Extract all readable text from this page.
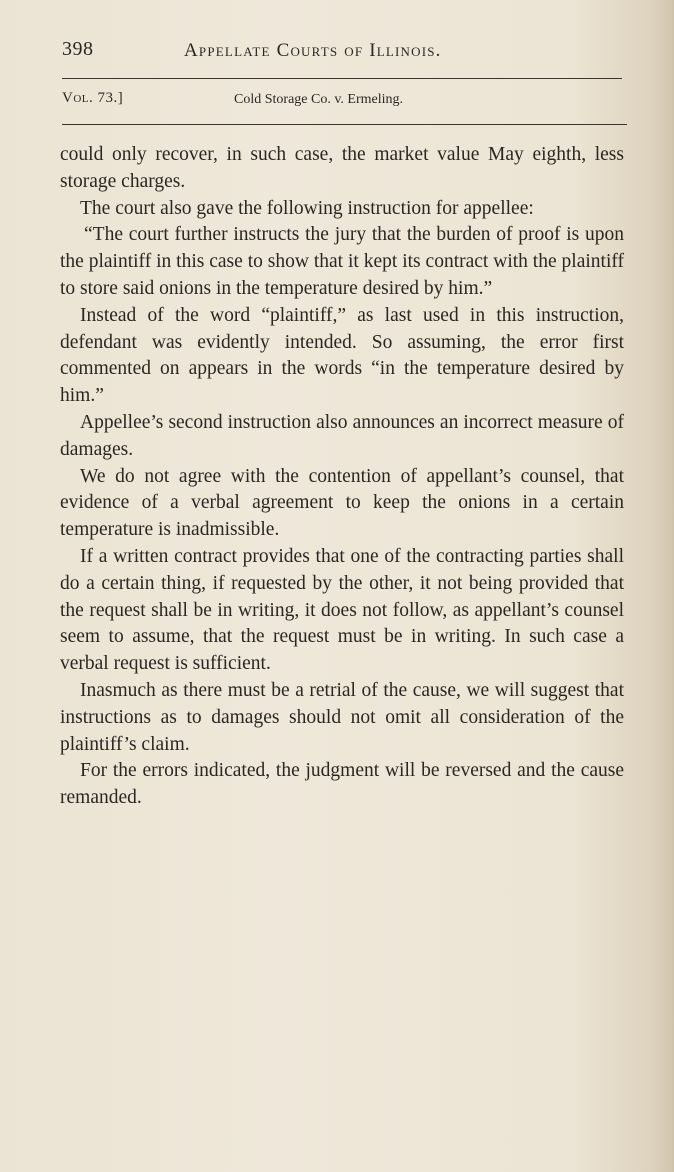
398	Appellate Courts of Illinois.
Vol. 73.]	Cold Storage Co. v. Ermeling.

could only recover, in such case, the market value May eighth, less storage charges.

The court also gave the following instruction for appellee:

“The court further instructs the jury that the burden of proof is upon the plaintiff in this case to show that it kept its contract with the plaintiff to store said onions in the temperature desired by him.”

Instead of the word “plaintiff,” as last used in this instruction, defendant was evidently intended. So assuming, the error first commented on appears in the words “in the temperature desired by him.”

Appellee’s second instruction also announces an incorrect measure of damages.

We do not agree with the contention of appellant’s counsel, that evidence of a verbal agreement to keep the onions in a certain temperature is inadmissible.

If a written contract provides that one of the contracting parties shall do a certain thing, if requested by the other, it not being provided that the request shall be in writing, it does not follow, as appellant’s counsel seem to assume, that the request must be in writing. In such case a verbal request is sufficient.

Inasmuch as there must be a retrial of the cause, we will suggest that instructions as to damages should not omit all consideration of the plaintiff’s claim.

For the errors indicated, the judgment will be reversed and the cause remanded.
